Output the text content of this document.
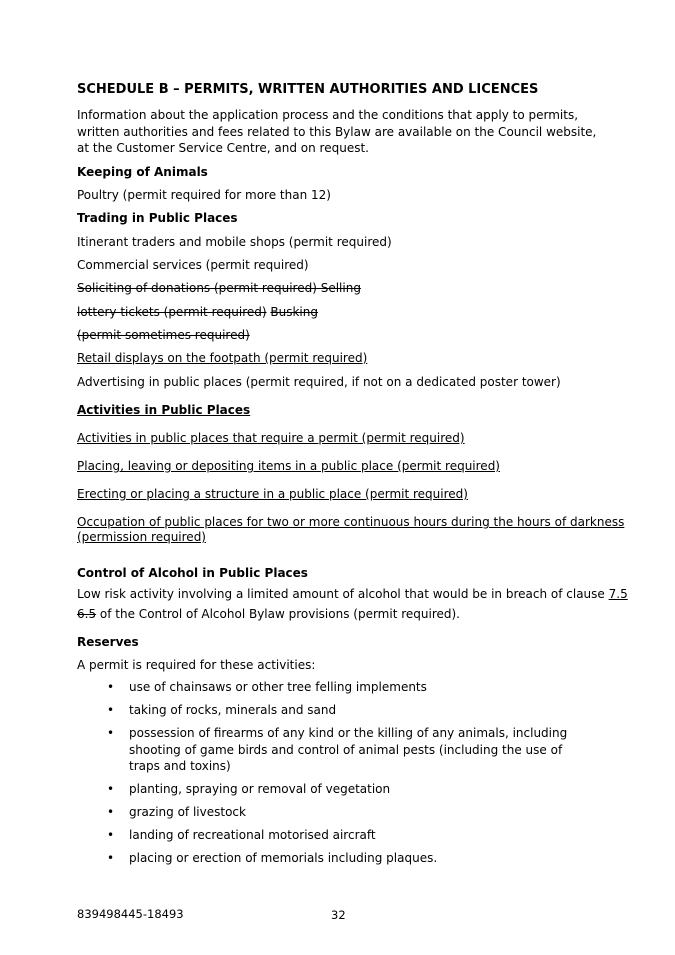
SCHEDULE B – PERMITS, WRITTEN AUTHORITIES AND LICENCES
Information about the application process and the conditions that apply to permits, written authorities and fees related to this Bylaw are available on the Council website, at the Customer Service Centre, and on request.
Keeping of Animals
Poultry (permit required for more than 12)
Trading in Public Places
Itinerant traders and mobile shops (permit required)
Commercial services (permit required)
Soliciting of donations (permit required) Selling
lottery tickets (permit required) Busking
(permit sometimes required)
Retail displays on the footpath (permit required)
Advertising in public places (permit required, if not on a dedicated poster tower)
Activities in Public Places
Activities in public places that require a permit (permit required)
Placing, leaving or depositing items in a public place (permit required)
Erecting or placing a structure in a public place (permit required)
Occupation of public places for two or more continuous hours during the hours of darkness
(permission required)
Control of Alcohol in Public Places
Low risk activity involving a limited amount of alcohol that would be in breach of clause 7.5
6.5 of the Control of Alcohol Bylaw provisions (permit required).
Reserves
A permit is required for these activities:
• use of chainsaws or other tree felling implements
• taking of rocks, minerals and sand
• possession of firearms of any kind or the killing of any animals, including shooting of game birds and control of animal pests (including the use of traps and toxins)
• planting, spraying or removal of vegetation
• grazing of livestock
• landing of recreational motorised aircraft
• placing or erection of memorials including plaques.
839498445-18493	32
